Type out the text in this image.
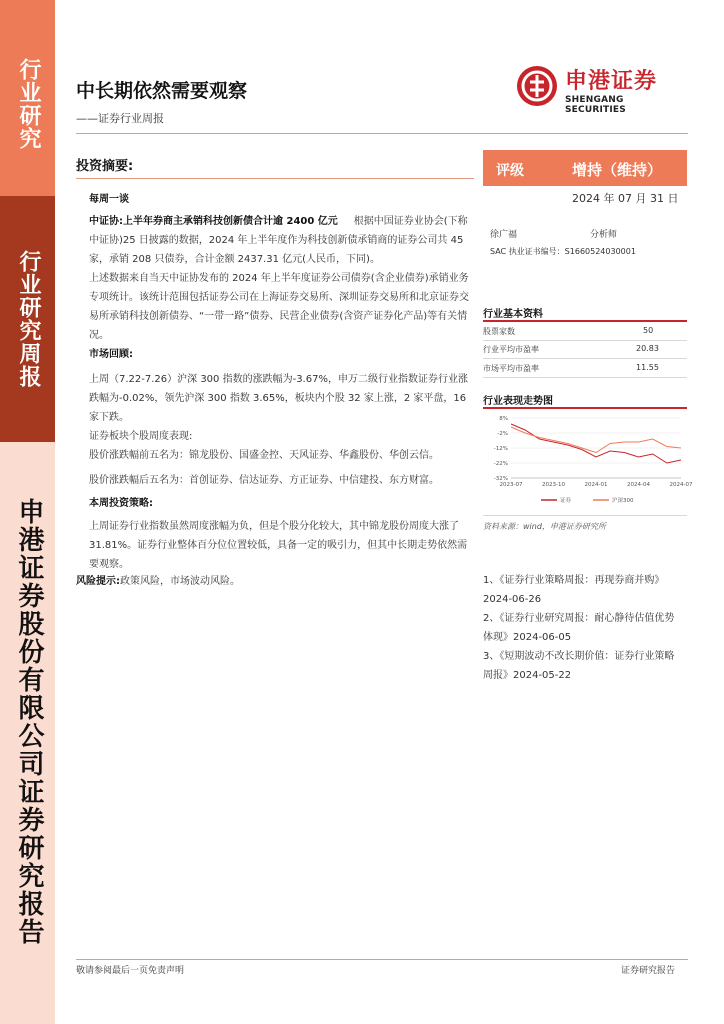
行业研究
行业研究周报
申港证券股份有限公司证券研究报告
中长期依然需要观察
——证券行业周报
申港证券
SHENGANG SECURITIES
投资摘要:
每周一谈
中证协:上半年券商主承销科技创新债合计逾 2400 亿元 根据中国证券业协会(下称中证协)25 日披露的数据，2024 年上半年度作为科技创新债承销商的证券公司共 45 家，承销 208 只债券，合计金额 2437.31 亿元(人民币，下同)。
上述数据来自当天中证协发布的 2024 年上半年度证券公司债券(含企业债券)承销业务专项统计。该统计范围包括证券公司在上海证券交易所、深圳证券交易所和北京证券交易所承销科技创新债券、“一带一路”债券、民营企业债券(含资产证券化产品)等有关情况。
市场回顾:
上周（7.22-7.26）沪深 300 指数的涨跌幅为-3.67%，申万二级行业指数证券行业涨跌幅为-0.02%，领先沪深 300 指数 3.65%，板块内个股 32 家上涨，2 家平盘，16 家下跌。
证券板块个股周度表现:
股价涨跌幅前五名为：锦龙股份、国盛金控、天风证券、华鑫股份、华创云信。
股价涨跌幅后五名为：首创证券、信达证券、方正证券、中信建投、东方财富。
本周投资策略:
上周证券行业指数虽然周度涨幅为负，但是个股分化较大，其中锦龙股份周度大涨了 31.81%。证券行业整体百分位位置较低，具备一定的吸引力，但其中长期走势依然需要观察。
风险提示:政策风险，市场波动风险。
评级	增持（维持）
2024 年 07 月 31 日
徐广福	分析师
SAC 执业证书编号：S1660524030001
行业基本资料
股票家数	50
行业平均市盈率	20.83
市场平均市盈率	11.55
行业表现走势图
8%
-2%
-12%
-22%
-32%
2023-07	2023-10	2024-01	2024-04	2024-07
证券	沪深300
资料来源：wind，申港证券研究所
1、《证券行业策略周报：再现券商并购》2024-06-26
2、《证券行业研究周报：耐心静待估值优势体现》2024-06-05
3、《短期波动不改长期价值：证券行业策略周报》2024-05-22
敬请参阅最后一页免责声明	证券研究报告
